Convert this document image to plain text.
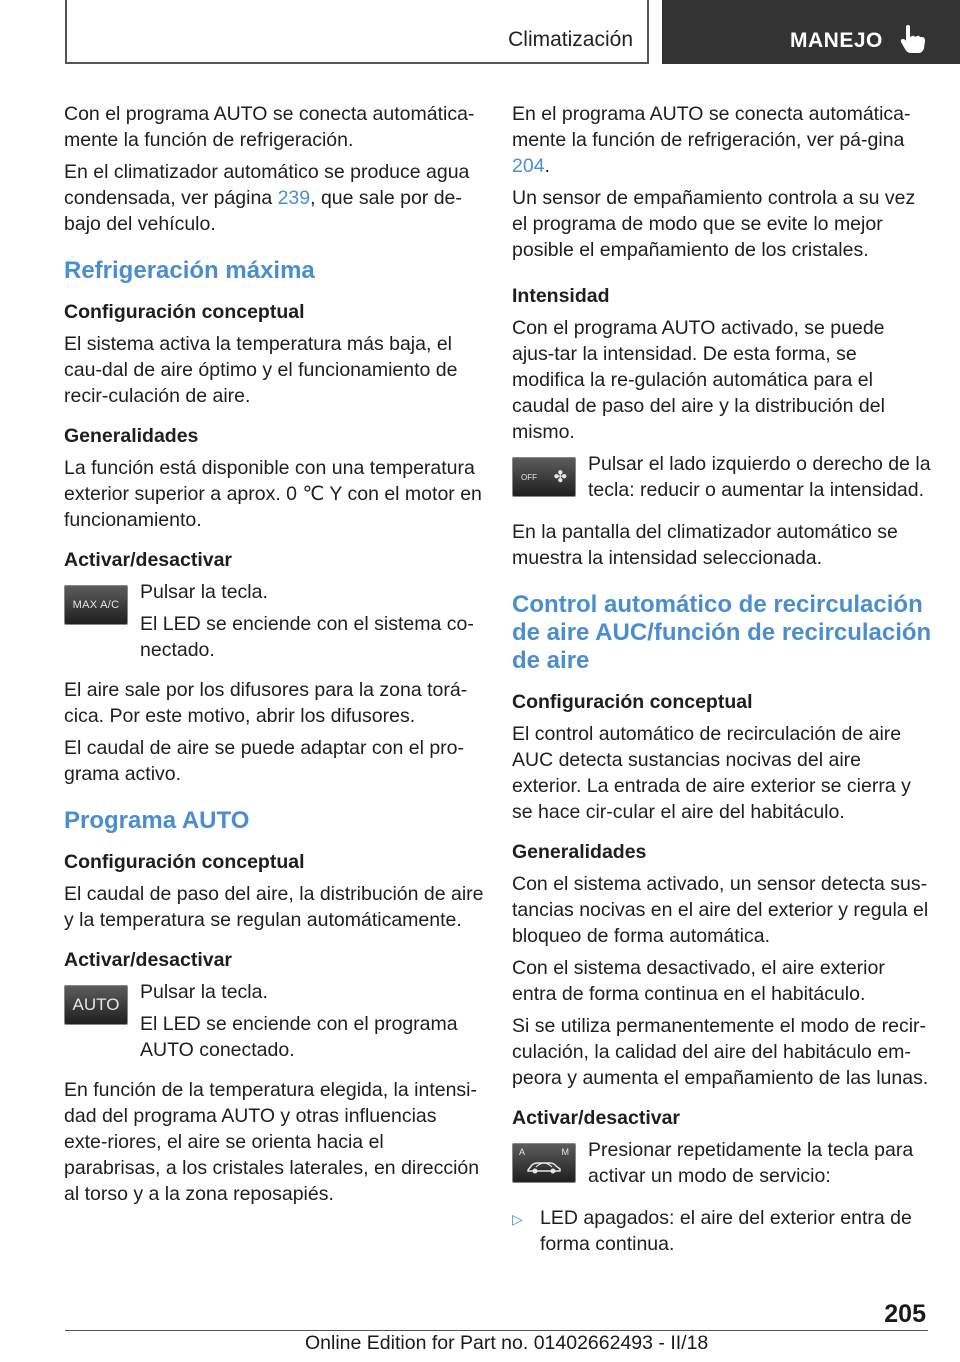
Climatización	MANEJO

Con el programa AUTO se conecta automática-mente la función de refrigeración.

En el climatizador automático se produce agua condensada, ver página 239, que sale por de-bajo del vehículo.

Refrigeración máxima
Configuración conceptual

El sistema activa la temperatura más baja, el cau-dal de aire óptimo y el funcionamiento de recir-culación de aire.

Generalidades

La función está disponible con una temperatura exterior superior a aprox. 0 ℃ Y con el motor en funcionamiento.

Activar/desactivar
MAX A/C

Pulsar la tecla.

El LED se enciende con el sistema co-nectado.

El aire sale por los difusores para la zona torá-cica. Por este motivo, abrir los difusores.

El caudal de aire se puede adaptar con el pro-grama activo.

Programa AUTO
Configuración conceptual

El caudal de paso del aire, la distribución de aire y la temperatura se regulan automáticamente.

Activar/desactivar
AUTO

Pulsar la tecla.

El LED se enciende con el programa AUTO conectado.

En función de la temperatura elegida, la intensi-dad del programa AUTO y otras influencias exte-riores, el aire se orienta hacia el parabrisas, a los cristales laterales, en dirección al torso y a la zona reposapiés.

En el programa AUTO se conecta automática-mente la función de refrigeración, ver pá-gina 204.

Un sensor de empañamiento controla a su vez el programa de modo que se evite lo mejor posible el empañamiento de los cristales.

Intensidad

Con el programa AUTO activado, se puede ajus-tar la intensidad. De esta forma, se modifica la re-gulación automática para el caudal de paso del aire y la distribución del mismo.

OFF ✤

Pulsar el lado izquierdo o derecho de la tecla: reducir o aumentar la intensidad.

En la pantalla del climatizador automático se muestra la intensidad seleccionada.

Control automático de recirculación de aire AUC/función de recirculación de aire
Configuración conceptual

El control automático de recirculación de aire AUC detecta sustancias nocivas del aire exterior. La entrada de aire exterior se cierra y se hace cir-cular el aire del habitáculo.

Generalidades

Con el sistema activado, un sensor detecta sus-tancias nocivas en el aire del exterior y regula el bloqueo de forma automática.

Con el sistema desactivado, el aire exterior entra de forma continua en el habitáculo.

Si se utiliza permanentemente el modo de recir-culación, la calidad del aire del habitáculo em-peora y aumenta el empañamiento de las lunas.

Activar/desactivar
A	M Presionar repetidamente la tecla para activar un modo de servicio:

▷ LED apagados: el aire del exterior entra de forma continua.

205
Online Edition for Part no. 01402662493 - II/18
